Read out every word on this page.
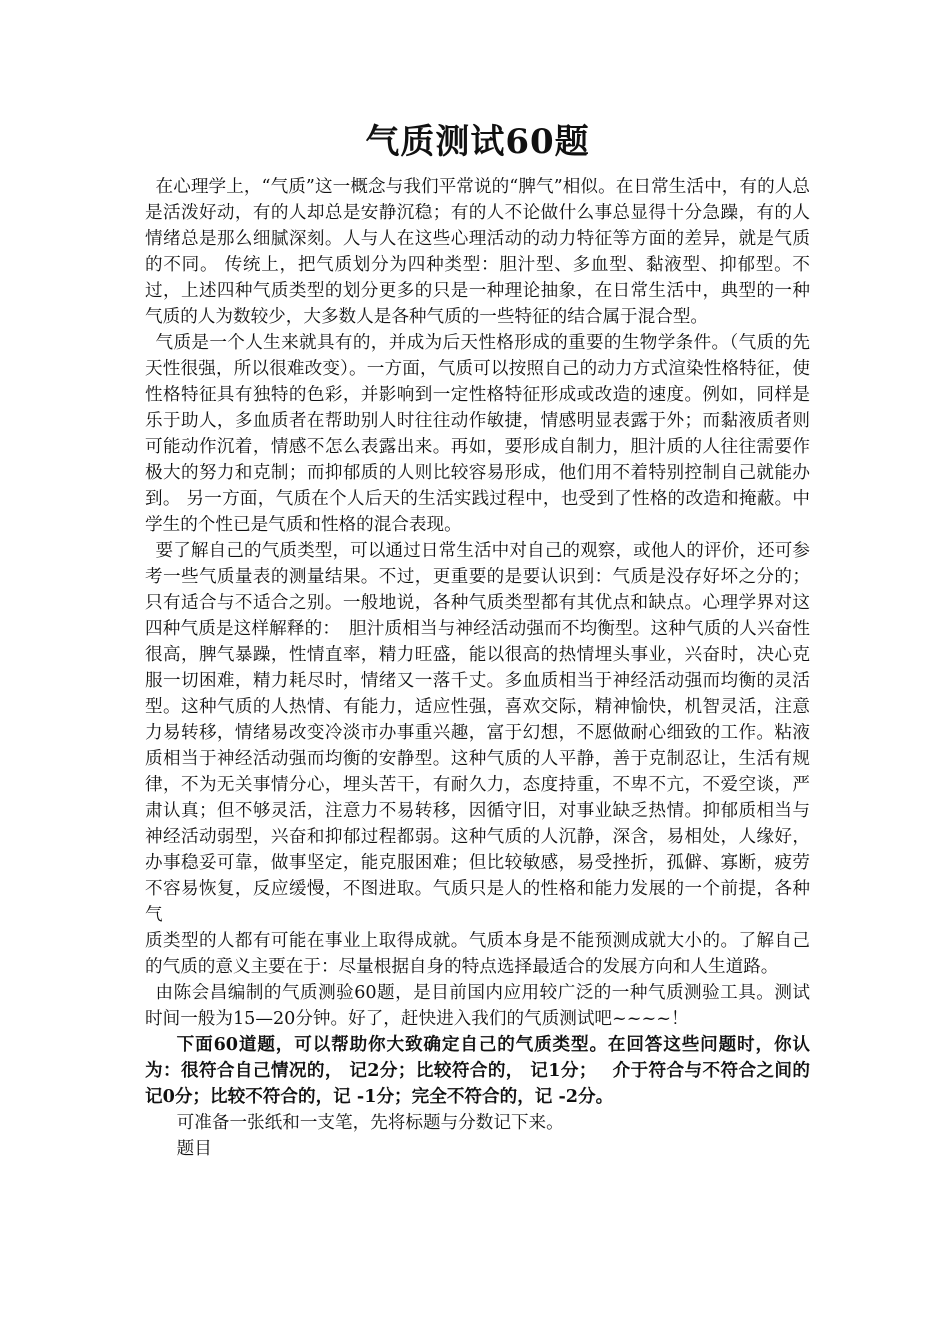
气质测试60题

在心理学上，“气质”这一概念与我们平常说的“脾气”相似。在日常生活中，有的人总是活泼好动，有的人却总是安静沉稳；有的人不论做什么事总显得十分急躁，有的人情绪总是那么细腻深刻。人与人在这些心理活动的动力特征等方面的差异，就是气质的不同。 传统上，把气质划分为四种类型：胆汁型、多血型、黏液型、抑郁型。不过，上述四种气质类型的划分更多的只是一种理论抽象，在日常生活中，典型的一种气质的人为数较少，大多数人是各种气质的一些特征的结合属于混合型。

气质是一个人生来就具有的，并成为后天性格形成的重要的生物学条件。（气质的先天性很强，所以很难改变）。一方面，气质可以按照自己的动力方式渲染性格特征，使性格特征具有独特的色彩，并影响到一定性格特征形成或改造的速度。例如，同样是乐于助人，多血质者在帮助别人时往往动作敏捷，情感明显表露于外；而黏液质者则可能动作沉着，情感不怎么表露出来。再如，要形成自制力，胆汁质的人往往需要作极大的努力和克制；而抑郁质的人则比较容易形成，他们用不着特别控制自己就能办到。 另一方面，气质在个人后天的生活实践过程中，也受到了性格的改造和掩蔽。中学生的个性已是气质和性格的混合表现。

要了解自己的气质类型，可以通过日常生活中对自己的观察，或他人的评价，还可参考一些气质量表的测量结果。不过，更重要的是要认识到：气质是没存好坏之分的；只有适合与不适合之别。一般地说，各种气质类型都有其优点和缺点。心理学界对这四种气质是这样解释的：　胆汁质相当与神经活动强而不均衡型。这种气质的人兴奋性很高，脾气暴躁，性情直率，精力旺盛，能以很高的热情埋头事业，兴奋时，决心克服一切困难，精力耗尽时，情绪又一落千丈。多血质相当于神经活动强而均衡的灵活型。这种气质的人热情、有能力，适应性强，喜欢交际，精神愉快，机智灵活，注意力易转移，情绪易改变冷淡市办事重兴趣，富于幻想，不愿做耐心细致的工作。粘液质相当于神经活动强而均衡的安静型。这种气质的人平静，善于克制忍让，生活有规律，不为无关事情分心，埋头苦干，有耐久力，态度持重，不卑不亢，不爱空谈，严肃认真；但不够灵活，注意力不易转移，因循守旧，对事业缺乏热情。抑郁质相当与神经活动弱型，兴奋和抑郁过程都弱。这种气质的人沉静，深含，易相处，人缘好，办事稳妥可靠，做事坚定，能克服困难；但比较敏感，易受挫折，孤僻、寡断，疲劳不容易恢复，反应缓慢，不图进取。气质只是人的性格和能力发展的一个前提，各种气

质类型的人都有可能在事业上取得成就。气质本身是不能预测成就大小的。了解自己的气质的意义主要在于：尽量根据自身的特点选择最适合的发展方向和人生道路。

由陈会昌编制的气质测验60题，是目前国内应用较广泛的一种气质测验工具。测试时间一般为15—20分钟。好了，赶快进入我们的气质测试吧~~~~！

下面60道题，可以帮助你大致确定自己的气质类型。在回答这些问题时，你认为：很符合自己情况的， 记2分；比较符合的， 记1分；　 介于符合与不符合之间的　记0分；比较不符合的，记 -1分；完全不符合的，记 -2分。

可准备一张纸和一支笔，先将标题与分数记下来。

题目
